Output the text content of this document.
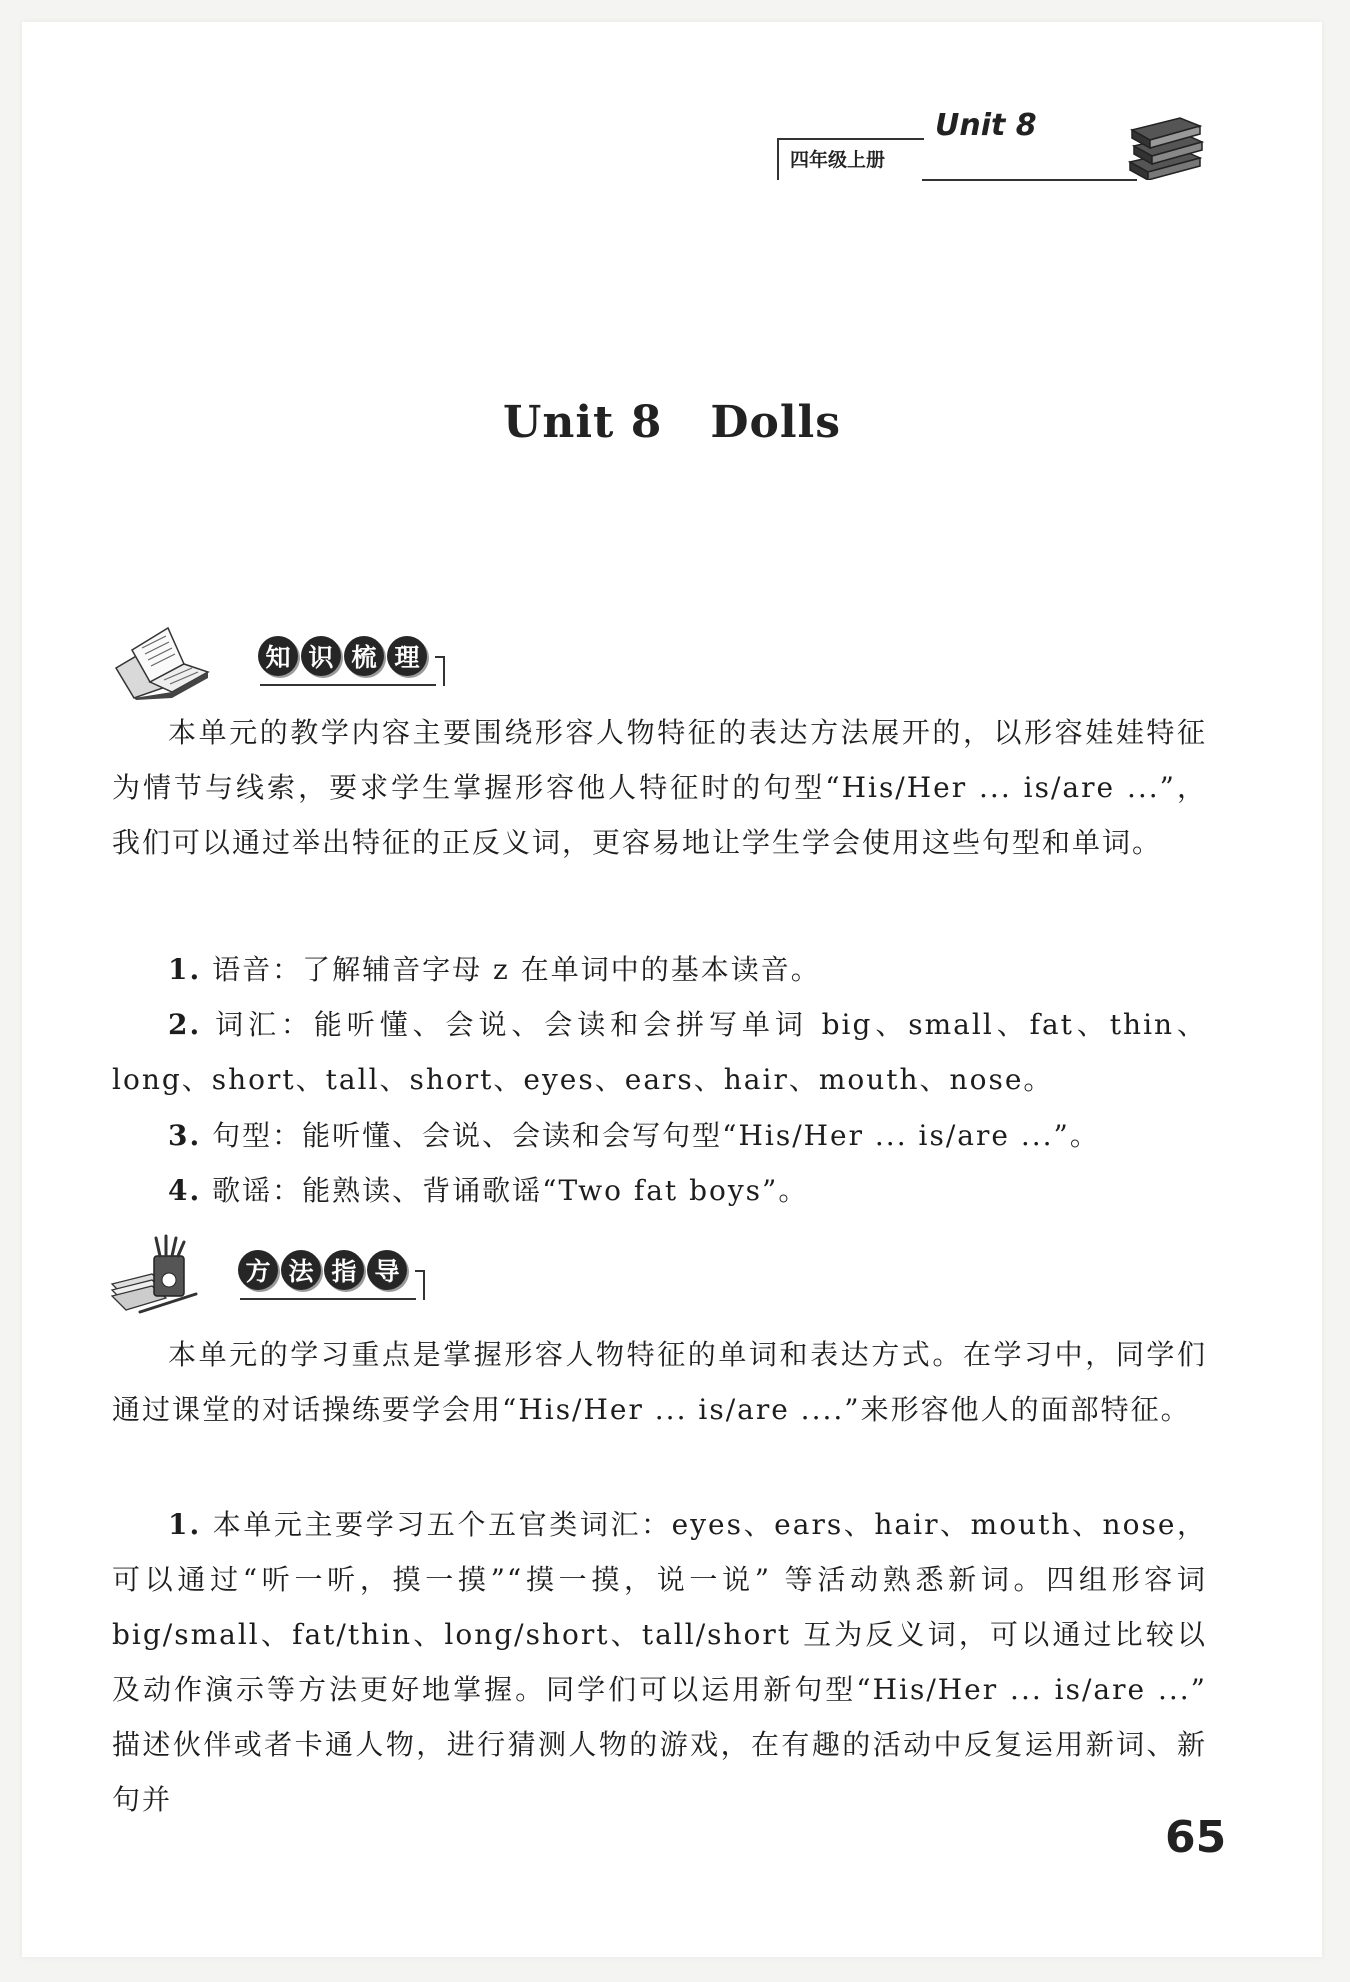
四年级上册
Unit 8
Unit 8 Dolls
知 识 梳 理

本单元的教学内容主要围绕形容人物特征的表达方法展开的，以形容娃娃特征为情节与线索，要求学生掌握形容他人特征时的句型“His/Her ... is/are ...”，我们可以通过举出特征的正反义词，更容易地让学生学会使用这些句型和单词。

1. 语音：了解辅音字母 z 在单词中的基本读音。

2. 词汇：能听懂、会说、会读和会拼写单词 big、small、fat、thin、long、short、tall、short、eyes、ears、hair、mouth、nose。

3. 句型：能听懂、会说、会读和会写句型“His/Her ... is/are ...”。

4. 歌谣：能熟读、背诵歌谣“Two fat boys”。

方 法 指 导

本单元的学习重点是掌握形容人物特征的单词和表达方式。在学习中，同学们通过课堂的对话操练要学会用“His/Her ... is/are ....”来形容他人的面部特征。

1. 本单元主要学习五个五官类词汇：eyes、ears、hair、mouth、nose，可以通过“听一听，摸一摸”“摸一摸，说一说” 等活动熟悉新词。四组形容词 big/small、fat/thin、long/short、tall/short 互为反义词，可以通过比较以及动作演示等方法更好地掌握。同学们可以运用新句型“His/Her ... is/are ...” 描述伙伴或者卡通人物，进行猜测人物的游戏，在有趣的活动中反复运用新词、新句并

65
